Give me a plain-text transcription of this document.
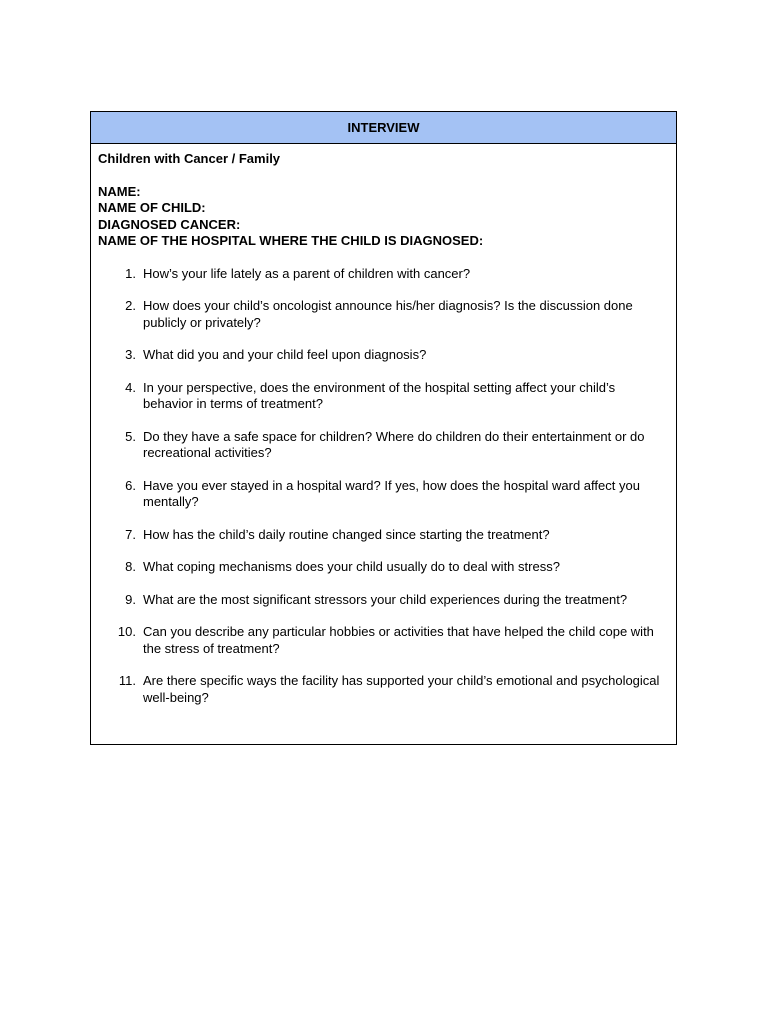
INTERVIEW

Children with Cancer / Family

NAME:
NAME OF CHILD:
DIAGNOSED CANCER:
NAME OF THE HOSPITAL WHERE THE CHILD IS DIAGNOSED:
1. How’s your life lately as a parent of children with cancer?
2. How does your child’s oncologist announce his/her diagnosis? Is the discussion done publicly or privately?
3. What did you and your child feel upon diagnosis?
4. In your perspective, does the environment of the hospital setting affect your child’s behavior in terms of treatment?
5. Do they have a safe space for children? Where do children do their entertainment or do recreational activities?
6. Have you ever stayed in a hospital ward? If yes, how does the hospital ward affect you mentally?
7. How has the child’s daily routine changed since starting the treatment?
8. What coping mechanisms does your child usually do to deal with stress?
9. What are the most significant stressors your child experiences during the treatment?
10. Can you describe any particular hobbies or activities that have helped the child cope with the stress of treatment?
11. Are there specific ways the facility has supported your child’s emotional and psychological well-being?
